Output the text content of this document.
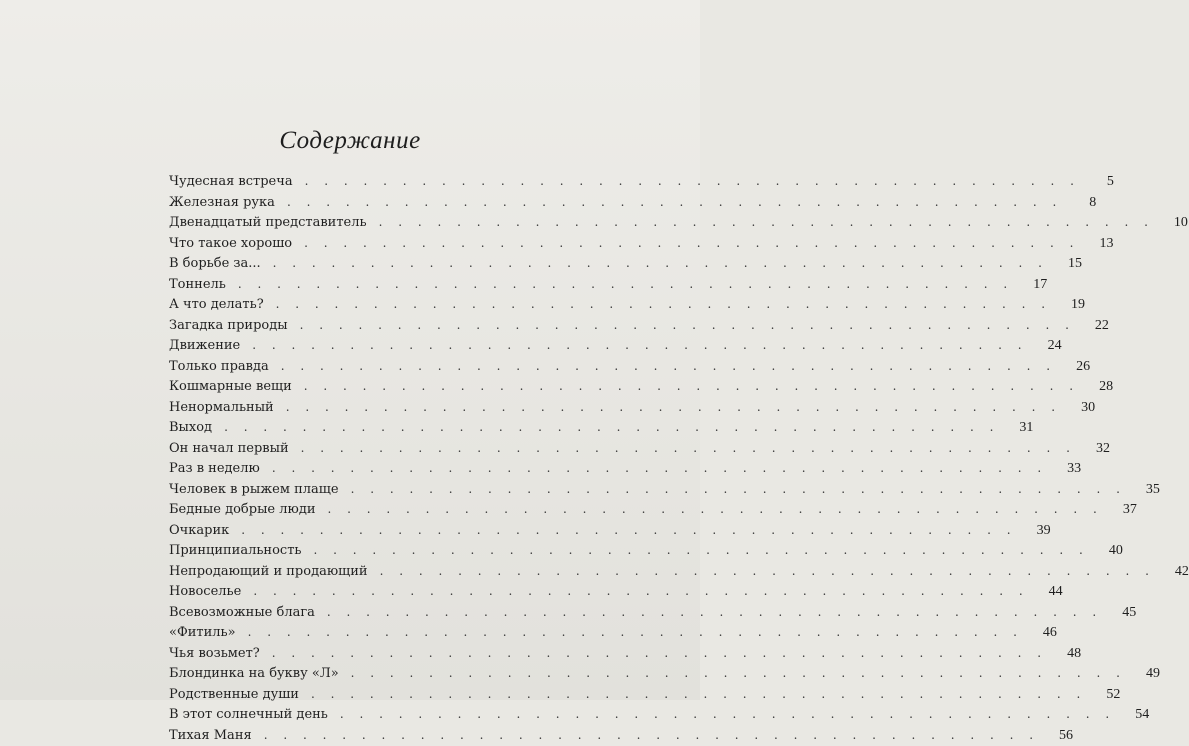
Содержание
Чудесная встреча . . .	5
Железная рука . . .	8
Двенадцатый представитель . . .	10
Что такое хорошо . . .	13
В борьбе за... . . .	15
Тоннель . . .	17
А что делать? . . .	19
Загадка природы . . .	22
Движение . . .	24
Только правда . . .	26
Кошмарные вещи . . .	28
Ненормальный . . .	30
Выход . . .	31
Он начал первый . . .	32
Раз в неделю . . .	33
Человек в рыжем плаще . . .	35
Бедные добрые люди . . .	37
Очкарик . . .	39
Принципиальность . . .	40
Непродающий и продающий . . .	42
Новоселье . . .	44
Всевозможные блага . . .	45
«Фитиль» . . .	46
Чья возьмет? . . .	48
Блондинка на букву «Л» . . .	49
Родственные души . . .	52
В этот солнечный день . . .	54
Тихая Маня . . .	56
